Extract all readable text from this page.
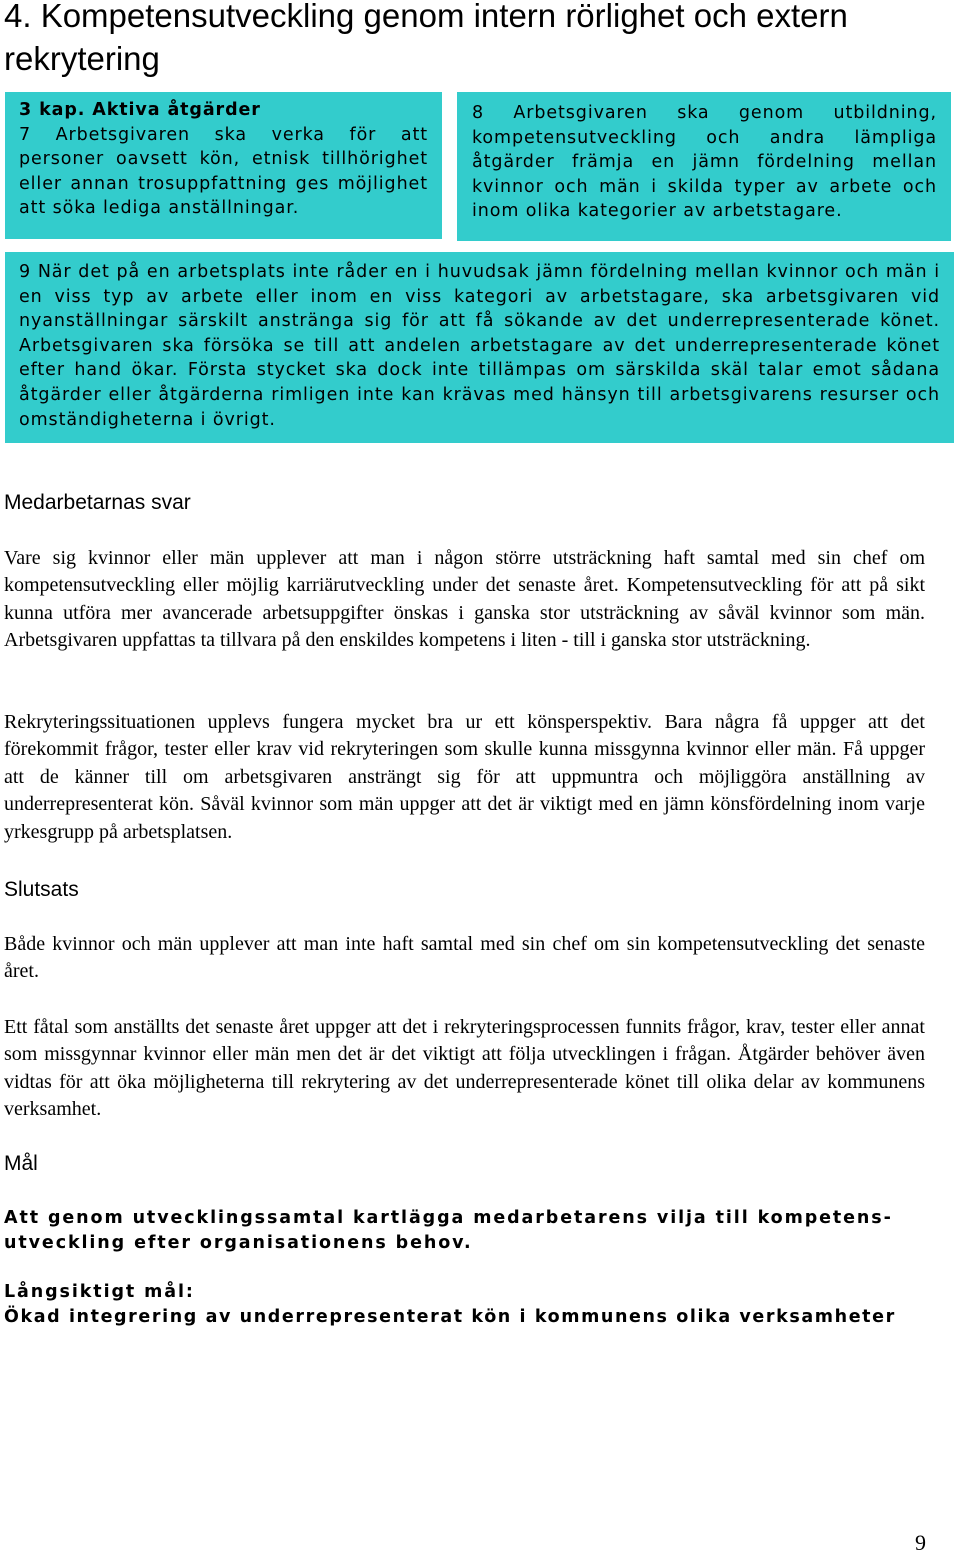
4. Kompetensutveckling genom intern rörlighet och extern rekrytering

3 kap. Aktiva åtgärder

7 Arbetsgivaren ska verka för att personer oavsett kön, etnisk tillhörighet eller annan trosuppfattning ges möjlighet att söka lediga anställningar.

8 Arbetsgivaren ska genom utbildning, kompetensutveckling och andra lämpliga åtgärder främja en jämn fördelning mellan kvinnor och män i skilda typer av arbete och inom olika kategorier av arbetstagare.

9 När det på en arbetsplats inte råder en i huvudsak jämn fördelning mellan kvinnor och män i en viss typ av arbete eller inom en viss kategori av arbetstagare, ska arbetsgivaren vid nyanställningar särskilt anstränga sig för att få sökande av det underrepresenterade könet. Arbetsgivaren ska försöka se till att andelen arbetstagare av det underrepresenterade könet efter hand ökar. Första stycket ska dock inte tillämpas om särskilda skäl talar emot sådana åtgärder eller åtgärderna rimligen inte kan krävas med hänsyn till arbetsgivarens resurser och omständigheterna i övrigt.

Medarbetarnas svar

Vare sig kvinnor eller män upplever att man i någon större utsträckning haft samtal med sin chef om kompetensutveckling eller möjlig karriärutveckling under det senaste året. Kompetensutveckling för att på sikt kunna utföra mer avancerade arbetsuppgifter önskas i ganska stor utsträckning av såväl kvinnor som män. Arbetsgivaren uppfattas ta tillvara på den enskildes kompetens i liten - till i ganska stor utsträckning.

Rekryteringssituationen upplevs fungera mycket bra ur ett könsperspektiv. Bara några få uppger att det förekommit frågor, tester eller krav vid rekryteringen som skulle kunna missgynna kvinnor eller män. Få uppger att de känner till om arbetsgivaren ansträngt sig för att uppmuntra och möjliggöra anställning av underrepresenterat kön. Såväl kvinnor som män uppger att det är viktigt med en jämn könsfördelning inom varje yrkesgrupp på arbetsplatsen.

Slutsats

Både kvinnor och män upplever att man inte haft samtal med sin chef om sin kompetensutveckling det senaste året.

Ett fåtal som anställts det senaste året uppger att det i rekryteringsprocessen funnits frågor, krav, tester eller annat som missgynnar kvinnor eller män men det är det viktigt att följa utvecklingen i frågan. Åtgärder behöver även vidtas för att öka möjligheterna till rekrytering av det underrepresenterade könet till olika delar av kommunens verksamhet.

Mål

Att genom utvecklingssamtal kartlägga medarbetarens vilja till kompetens-utveckling efter organisationens behov.

Långsiktigt mål:

Ökad integrering av underrepresenterat kön i kommunens olika verksamheter

9
